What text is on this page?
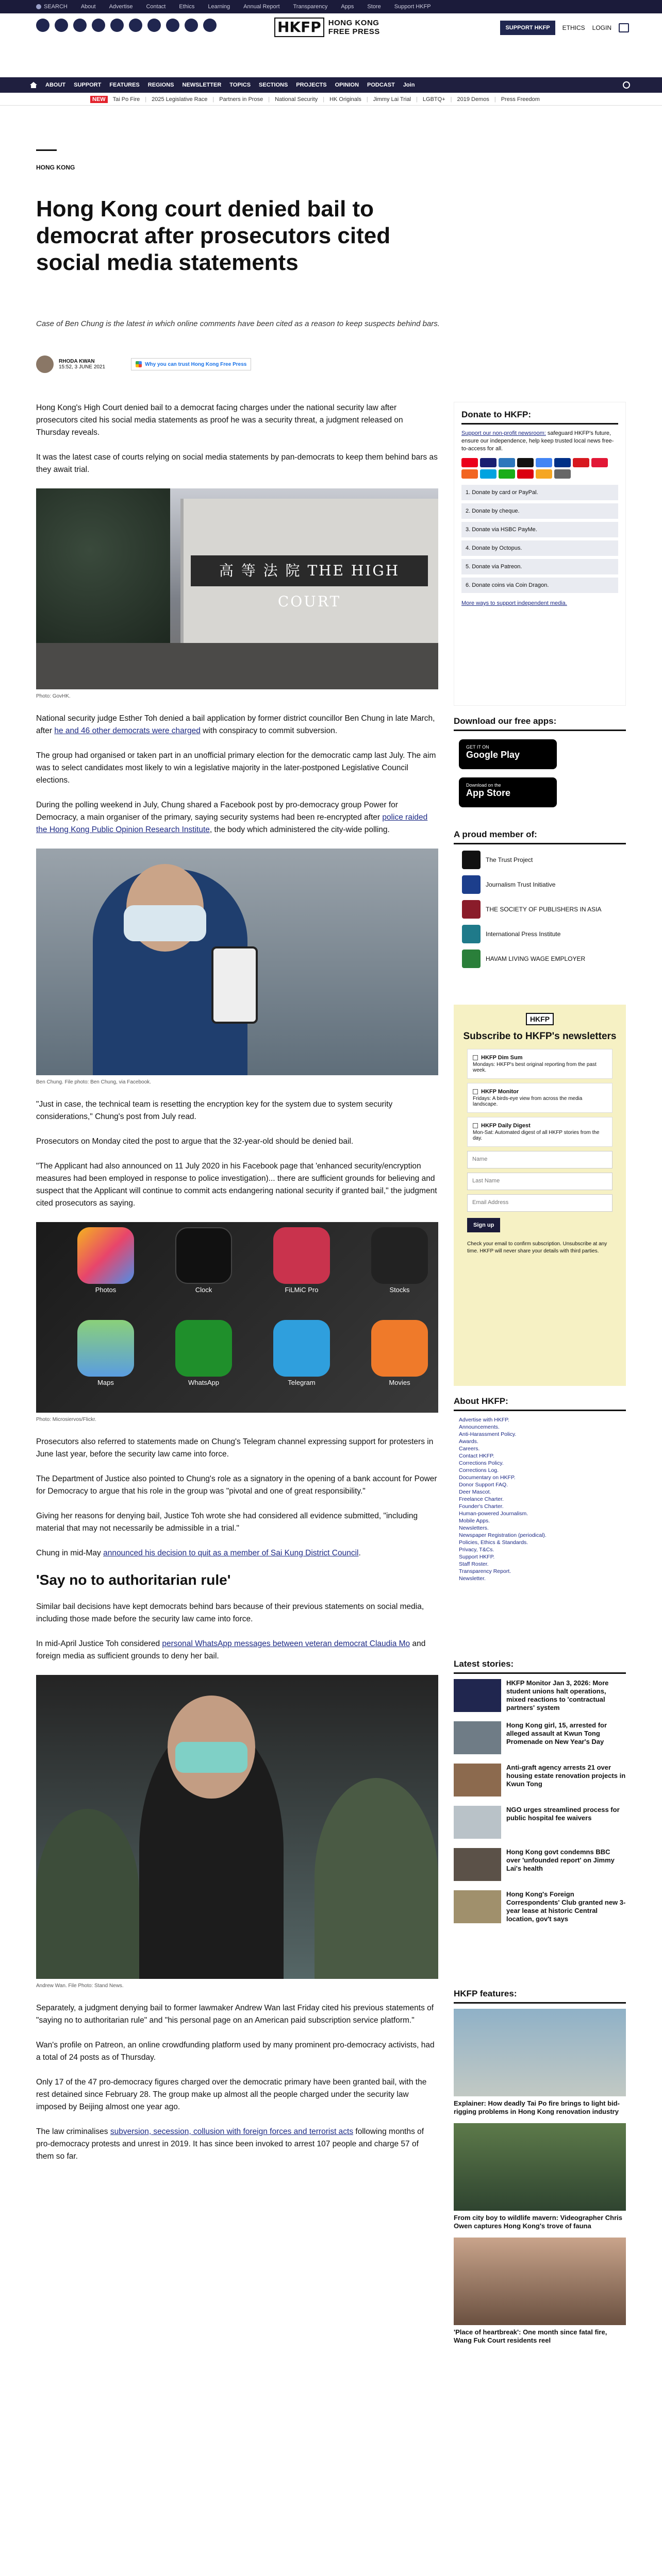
SEARCH About Advertise Contact Ethics Learning Annual Report Transparency Apps Store Support HKFP
HKFP HONG KONG
FREE PRESS	SUPPORT HKFP	ETHICS LOGIN
ABOUT SUPPORT FEATURES REGIONS NEWSLETTER TOPICS SECTIONS PROJECTS OPINION PODCAST Join
NEW	Tai Po Fire | 2025 Legislative Race | Partners in Prose | National Security | HK Originals | Jimmy Lai Trial | LGBTQ+ | 2019 Demos | Press Freedom
HONG KONG
Hong Kong court denied bail to democrat after prosecutors cited social media statements
Case of Ben Chung is the latest in which online comments have been cited as a reason to keep suspects behind bars.
RHODA KWAN
15:52, 3 JUNE 2021	Why you can trust Hong Kong Free Press

Hong Kong's High Court denied bail to a democrat facing charges under the national security law after prosecutors cited his social media statements as proof he was a security threat, a judgment released on Thursday reveals.

It was the latest case of courts relying on social media statements by pan-democrats to keep them behind bars as they await trial.

高 等 法 院 THE HIGH COURT
Photo: GovHK.

National security judge Esther Toh denied a bail application by former district councillor Ben Chung in late March, after he and 46 other democrats were charged with conspiracy to commit subversion.

The group had organised or taken part in an unofficial primary election for the democratic camp last July. The aim was to select candidates most likely to win a legislative majority in the later-postponed Legislative Council elections.

During the polling weekend in July, Chung shared a Facebook post by pro-democracy group Power for Democracy, a main organiser of the primary, saying security systems had been re-encrypted after police raided the Hong Kong Public Opinion Research Institute, the body which administered the city-wide polling.

Ben Chung. File photo: Ben Chung, via Facebook.

"Just in case, the technical team is resetting the encryption key for the system due to system security considerations," Chung's post from July read.

Prosecutors on Monday cited the post to argue that the 32-year-old should be denied bail.

"The Applicant had also announced on 11 July 2020 in his Facebook page that 'enhanced security/encryption measures had been employed in response to police investigation)... there are sufficient grounds for believing and suspect that the Applicant will continue to commit acts endangering national security if granted bail," the judgment cited prosecutors as saying.

Photos	Clock	FiLMiC Pro	Stocks
Maps	WhatsApp	Telegram	Movies
Photo: Microsiervos/Flickr.

Prosecutors also referred to statements made on Chung's Telegram channel expressing support for protesters in June last year, before the security law came into force.

The Department of Justice also pointed to Chung's role as a signatory in the opening of a bank account for Power for Democracy to argue that his role in the group was "pivotal and one of great responsibility."

Giving her reasons for denying bail, Justice Toh wrote she had considered all evidence submitted, "including material that may not necessarily be admissible in a trial."

Chung in mid-May announced his decision to quit as a member of Sai Kung District Council.

'Say no to authoritarian rule'

Similar bail decisions have kept democrats behind bars because of their previous statements on social media, including those made before the security law came into force.

In mid-April Justice Toh considered personal WhatsApp messages between veteran democrat Claudia Mo and foreign media as sufficient grounds to deny her bail.

Andrew Wan. File Photo: Stand News.

Separately, a judgment denying bail to former lawmaker Andrew Wan last Friday cited his previous statements of "saying no to authoritarian rule" and "his personal page on an American paid subscription service platform."

Wan's profile on Patreon, an online crowdfunding platform used by many prominent pro-democracy activists, had a total of 24 posts as of Thursday.

Only 17 of the 47 pro-democracy figures charged over the democratic primary have been granted bail, with the rest detained since February 28. The group make up almost all the people charged under the security law imposed by Beijing almost one year ago.

The law criminalises subversion, secession, collusion with foreign forces and terrorist acts following months of pro-democracy protests and unrest in 2019. It has since been invoked to arrest 107 people and charge 57 of them so far.

Donate to HKFP:
Support our non-profit newsroom: safeguard HKFP's future, ensure our independence, help keep trusted local news free-to-access for all.
1. Donate by card or PayPal.
2. Donate by cheque.
3. Donate via HSBC PayMe.
4. Donate by Octopus.
5. Donate via Patreon.
6. Donate coins via Coin Dragon.
More ways to support independent media.
Download our free apps:
GET IT ON
Google Play
Download on the
App Store
A proud member of:
The Trust Project
Journalism Trust Initiative
THE SOCIETY OF PUBLISHERS IN ASIA
International Press Institute
HAVAM LIVING WAGE EMPLOYER
HKFP
Subscribe to HKFP's newsletters
HKFP Dim Sum
Mondays: HKFP's best original reporting from the past week.
HKFP Monitor
Fridays: A birds-eye view from across the media landscape.
HKFP Daily Digest
Mon-Sat: Automated digest of all HKFP stories from the day.
Name
Last Name
Email Address
Sign up
Check your email to confirm subscription. Unsubscribe at any time. HKFP will never share your details with third parties.
About HKFP:
Advertise with HKFP.
Announcements.
Anti-Harassment Policy.
Awards.
Careers.
Contact HKFP.
Corrections Policy.
Corrections Log.
Documentary on HKFP.
Donor Support FAQ.
Deer Mascot.
Freelance Charter.
Founder's Charter.
Human-powered Journalism.
Mobile Apps.
Newsletters.
Newspaper Registration (periodical).
Policies, Ethics & Standards.
Privacy, T&Cs.
Support HKFP.
Staff Roster.
Transparency Report.
Newsletter.
Latest stories:
HKFP Monitor Jan 3, 2026: More student unions halt operations, mixed reactions to 'contractual partners' system
Hong Kong girl, 15, arrested for alleged assault at Kwun Tong Promenade on New Year's Day
Anti-graft agency arrests 21 over housing estate renovation projects in Kwun Tong
NGO urges streamlined process for public hospital fee waivers
Hong Kong govt condemns BBC over 'unfounded report' on Jimmy Lai's health
Hong Kong's Foreign Correspondents' Club granted new 3-year lease at historic Central location, gov't says
HKFP features:
Explainer: How deadly Tai Po fire brings to light bid-rigging problems in Hong Kong renovation industry
From city boy to wildlife mavern: Videographer Chris Owen captures Hong Kong's trove of fauna
'Place of heartbreak': One month since fatal fire, Wang Fuk Court residents reel
